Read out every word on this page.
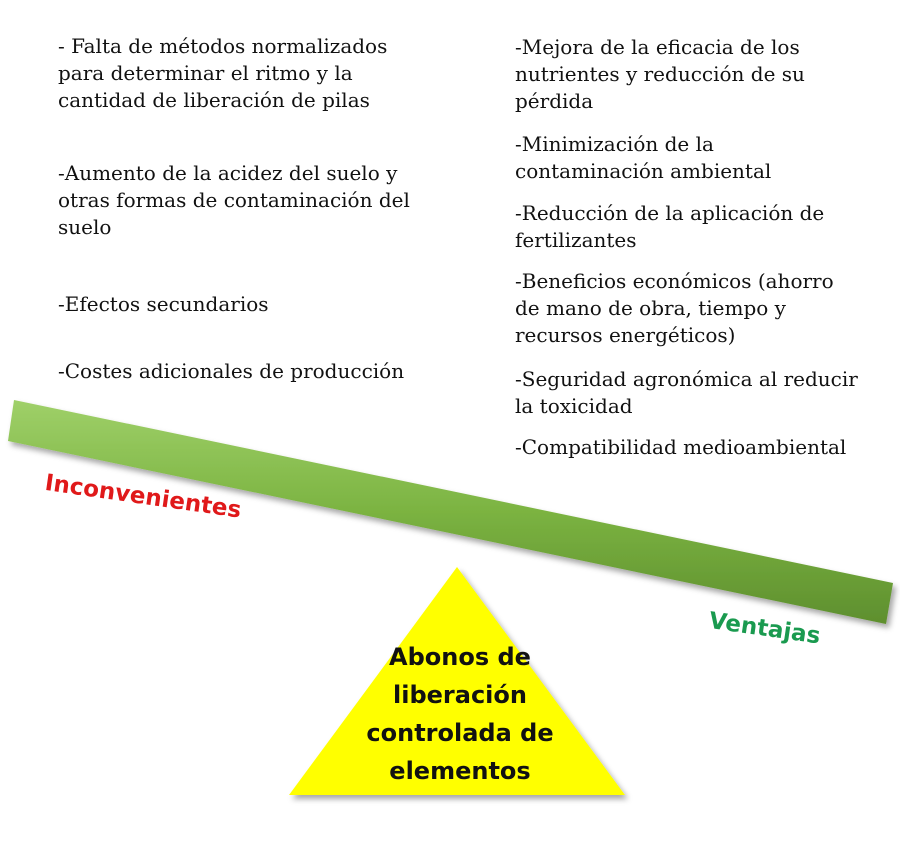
- Falta de métodos normalizados
para determinar el ritmo y la
cantidad de liberación de pilas

-Aumento de la acidez del suelo y
otras formas de contaminación del
suelo

-Efectos secundarios

-Costes adicionales de producción

-Mejora de la eficacia de los
nutrientes y reducción de su
pérdida

-Minimización de la
contaminación ambiental

-Reducción de la aplicación de
fertilizantes

-Beneficios económicos (ahorro
de mano de obra, tiempo y
recursos energéticos)

-Seguridad agronómica al reducir
la toxicidad

-Compatibilidad medioambiental

Inconvenientes
Ventajas
Abonos de
liberación
controlada de
elementos
